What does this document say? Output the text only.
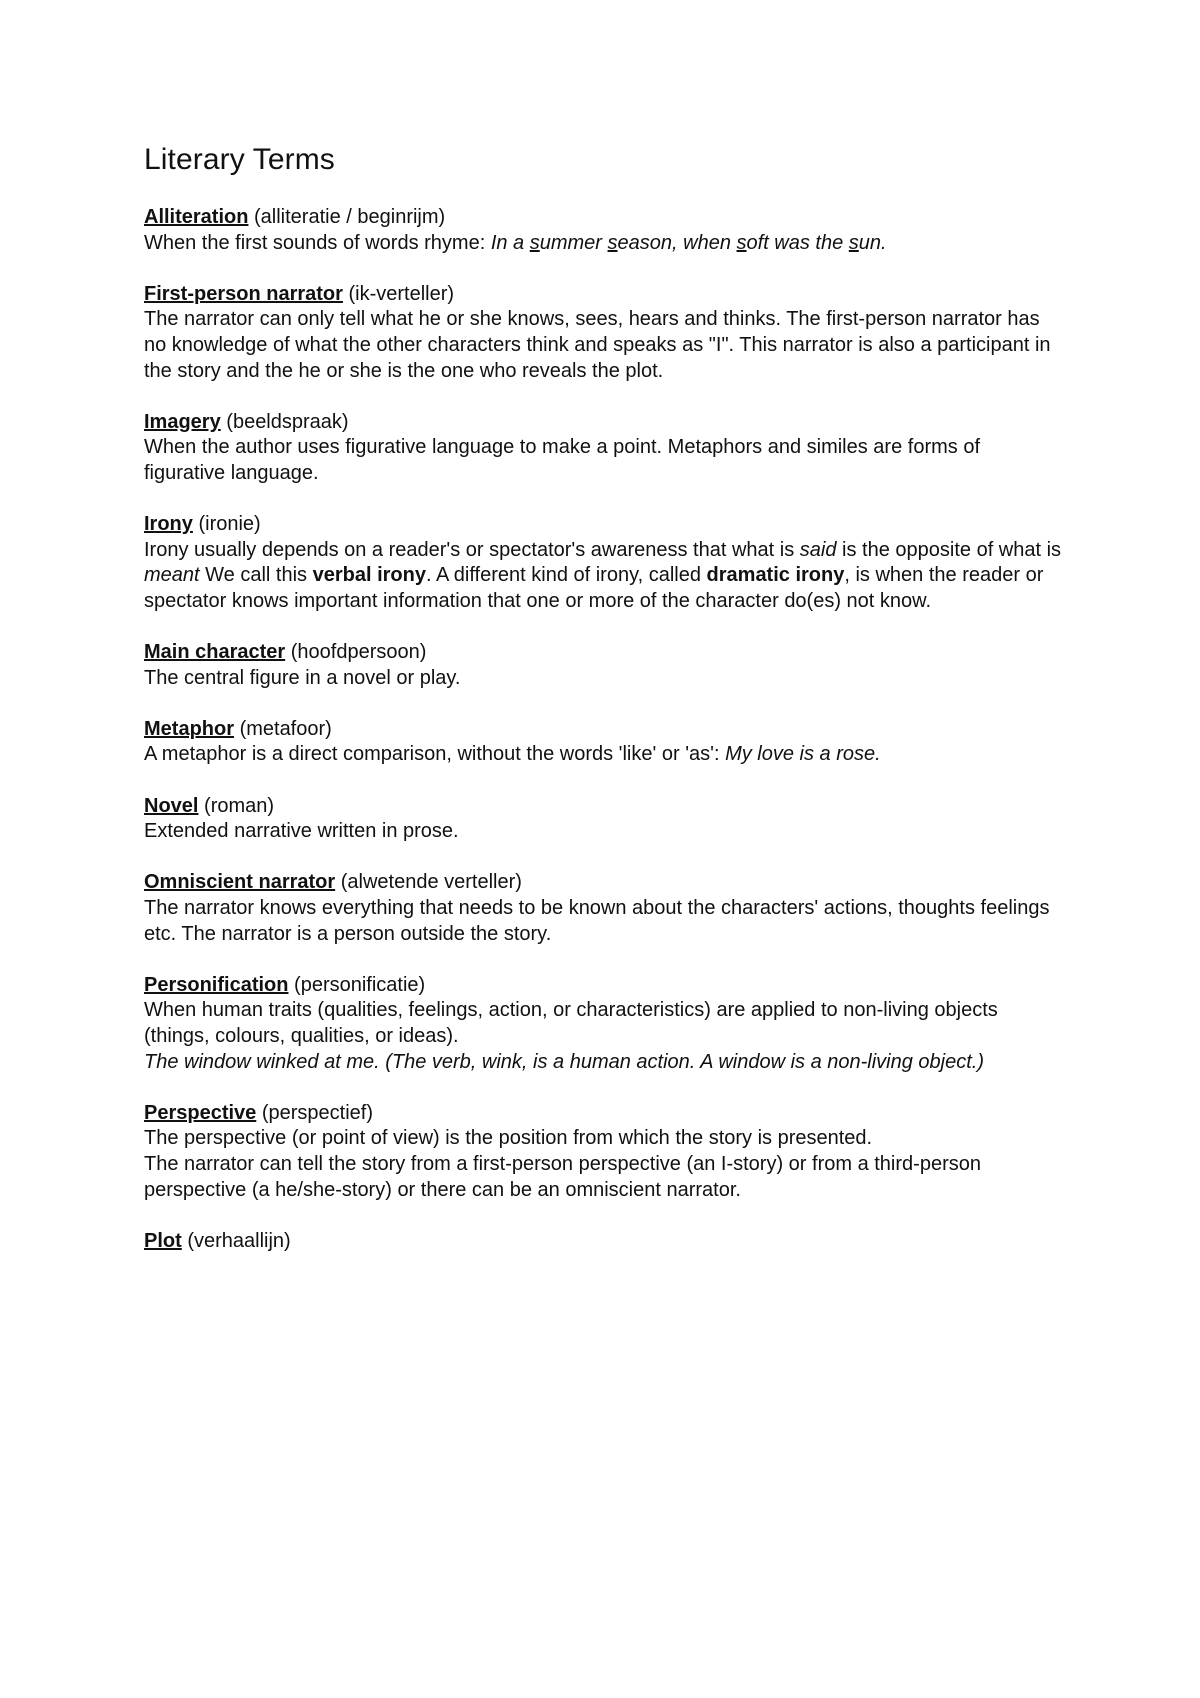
Literary Terms
Alliteration (alliteratie / beginrijm)
When the first sounds of words rhyme: In a summer season, when soft was the sun.
First-person narrator (ik-verteller)
The narrator can only tell what he or she knows, sees, hears and thinks. The first-person narrator has no knowledge of what the other characters think and speaks as "I". This narrator is also a participant in the story and the he or she is the one who reveals the plot.
Imagery (beeldspraak)
When the author uses figurative language to make a point. Metaphors and similes are forms of figurative language.
Irony (ironie)
Irony usually depends on a reader's or spectator's awareness that what is said is the opposite of what is meant We call this verbal irony. A different kind of irony, called dramatic irony, is when the reader or spectator knows important information that one or more of the character do(es) not know.
Main character (hoofdpersoon)
The central figure in a novel or play.
Metaphor (metafoor)
A metaphor is a direct comparison, without the words 'like' or 'as': My love is a rose.
Novel (roman)
Extended narrative written in prose.
Omniscient narrator (alwetende verteller)
The narrator knows everything that needs to be known about the characters' actions, thoughts feelings etc. The narrator is a person outside the story.
Personification (personificatie)
When human traits (qualities, feelings, action, or characteristics) are applied to non-living objects (things, colours, qualities, or ideas).
The window winked at me. (The verb, wink, is a human action. A window is a non-living object.)
Perspective (perspectief)
The perspective (or point of view) is the position from which the story is presented.
The narrator can tell the story from a first-person perspective (an I-story) or from a third-person perspective (a he/she-story) or there can be an omniscient narrator.
Plot (verhaallijn)
